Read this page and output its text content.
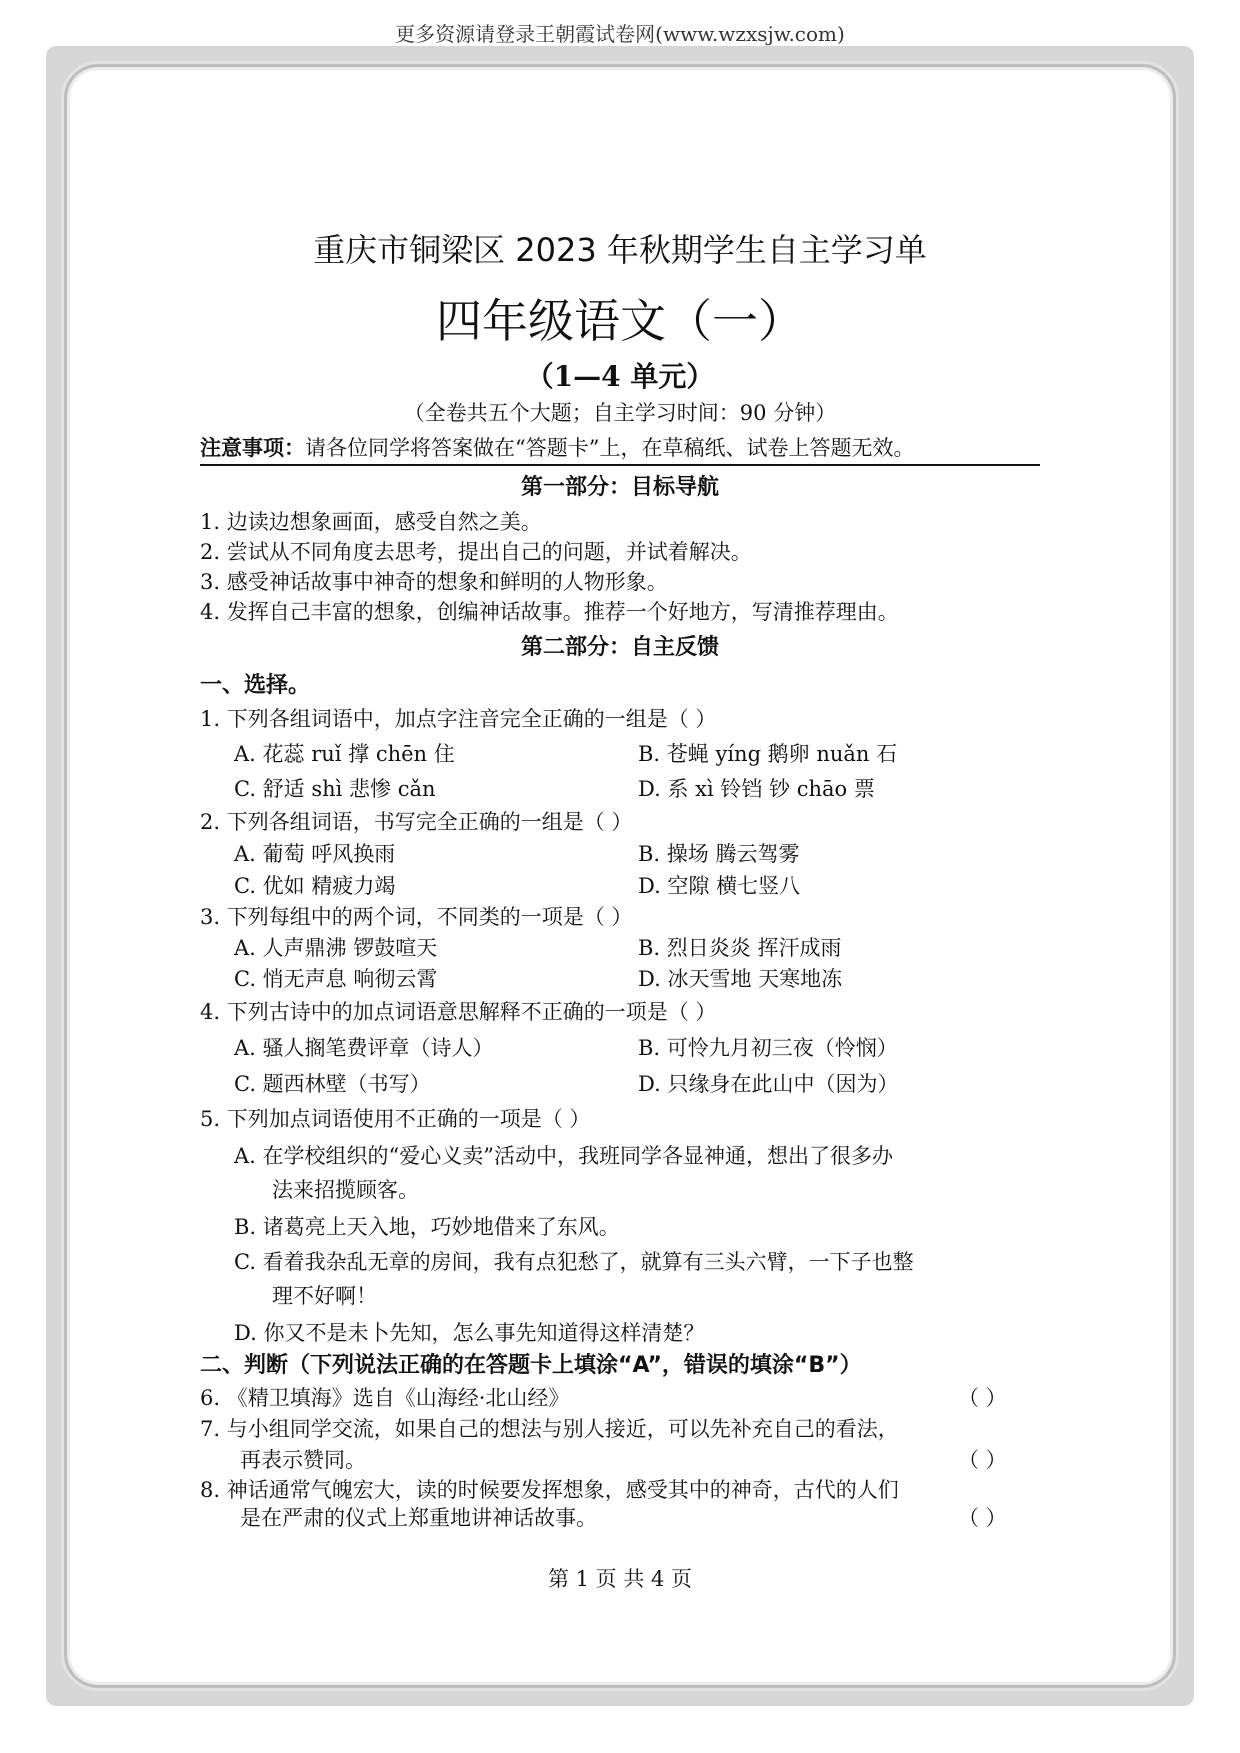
更多资源请登录王朝霞试卷网(www.wzxsjw.com)
重庆市铜梁区 2023 年秋期学生自主学习单
四年级语文（一）
（1—4 单元）
（全卷共五个大题；自主学习时间：90 分钟）
注意事项：请各位同学将答案做在“答题卡”上，在草稿纸、试卷上答题无效。
第一部分：目标导航
1. 边读边想象画面，感受自然之美。
2. 尝试从不同角度去思考，提出自己的问题，并试着解决。
3. 感受神话故事中神奇的想象和鲜明的人物形象。
4. 发挥自己丰富的想象，创编神话故事。推荐一个好地方，写清推荐理由。
第二部分：自主反馈
一、选择。
1. 下列各组词语中，加点字注音完全正确的一组是（ ）
A. 花蕊 ruǐ 撑 chēn 住	B. 苍蝇 yíng 鹅卵 nuǎn 石
C. 舒适 shì 悲惨 cǎn	D. 系 xì 铃铛 钞 chāo 票
2. 下列各组词语，书写完全正确的一组是（ ）
A. 葡萄 呼风换雨	B. 操场 腾云驾雾
C. 优如 精疲力竭	D. 空隙 横七竖八
3. 下列每组中的两个词，不同类的一项是（ ）
A. 人声鼎沸 锣鼓喧天	B. 烈日炎炎 挥汗成雨
C. 悄无声息 响彻云霄	D. 冰天雪地 天寒地冻
4. 下列古诗中的加点词语意思解释不正确的一项是（ ）
A. 骚人搁笔费评章（诗人）	B. 可怜九月初三夜（怜悯）
C. 题西林壁（书写）	D. 只缘身在此山中（因为）
5. 下列加点词语使用不正确的一项是（ ）
A. 在学校组织的“爱心义卖”活动中，我班同学各显神通，想出了很多办
法来招揽顾客。
B. 诸葛亮上天入地，巧妙地借来了东风。
C. 看着我杂乱无章的房间，我有点犯愁了，就算有三头六臂，一下子也整
理不好啊！
D. 你又不是未卜先知，怎么事先知道得这样清楚？
二、判断（下列说法正确的在答题卡上填涂“A”，错误的填涂“B”）
6. 《精卫填海》选自《山海经·北山经》	（ ）
7. 与小组同学交流，如果自己的想法与别人接近，可以先补充自己的看法，
再表示赞同。	（ ）
8. 神话通常气魄宏大，读的时候要发挥想象，感受其中的神奇，古代的人们
是在严肃的仪式上郑重地讲神话故事。	（ ）
第 1 页 共 4 页
